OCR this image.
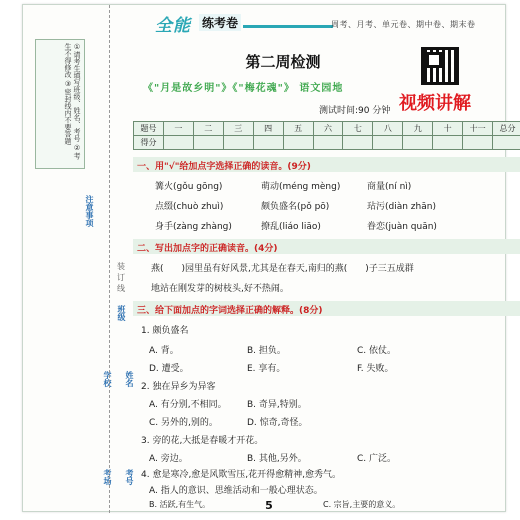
①请考生填写班级、姓名、考号 ②考生不得修改 ③密封线内不要答题
注意事项
班级
学校	姓名
考场	考号
装订线
全能 练考卷	周考、月考、单元卷、期中卷、期末卷
第二周检测
《"月是故乡明"》《"梅花魂"》 语文园地
视频讲解
测试时间:90 分钟
题号	一	二	三	四	五	六	七	八	九	十	十一	总分
得分												
一、用"√"给加点字选择正确的读音。(9分)
篝火(gǒu gōng)	萌动(méng mèng)	商量(ní nì)
点缀(chuò zhuì)	颇负盛名(pǒ pō)	玷污(diàn zhān)
身手(zàng zhàng)	撩乱(liáo liāo)	眷恋(juàn quān)
二、写出加点字的正确读音。(4分)
燕(　　)园里虽有好风景,尤其是在春天,南归的燕(　　)子三五成群
地站在刚发芽的树枝头,好不热闹。
三、给下面加点的字词选择正确的解释。(8分)
1. 颇负盛名
A. 背。	B. 担负。	C. 依仗。
D. 遭受。	E. 享有。	F. 失败。
2. 独在异乡为异客
A. 有分别,不相同。 B. 奇异,特别。
C. 另外的,别的。	D. 惊奇,奇怪。
3. 旁的花,大抵是春暖才开花。
A. 旁边。	B. 其他,另外。	C. 广泛。
4. 愈是寒冷,愈是风欺雪压,花开得愈精神,愈秀气。
A. 指人的意识、思维活动和一般心理状态。
B. 活跃,有生气。	C. 宗旨,主要的意义。
5
